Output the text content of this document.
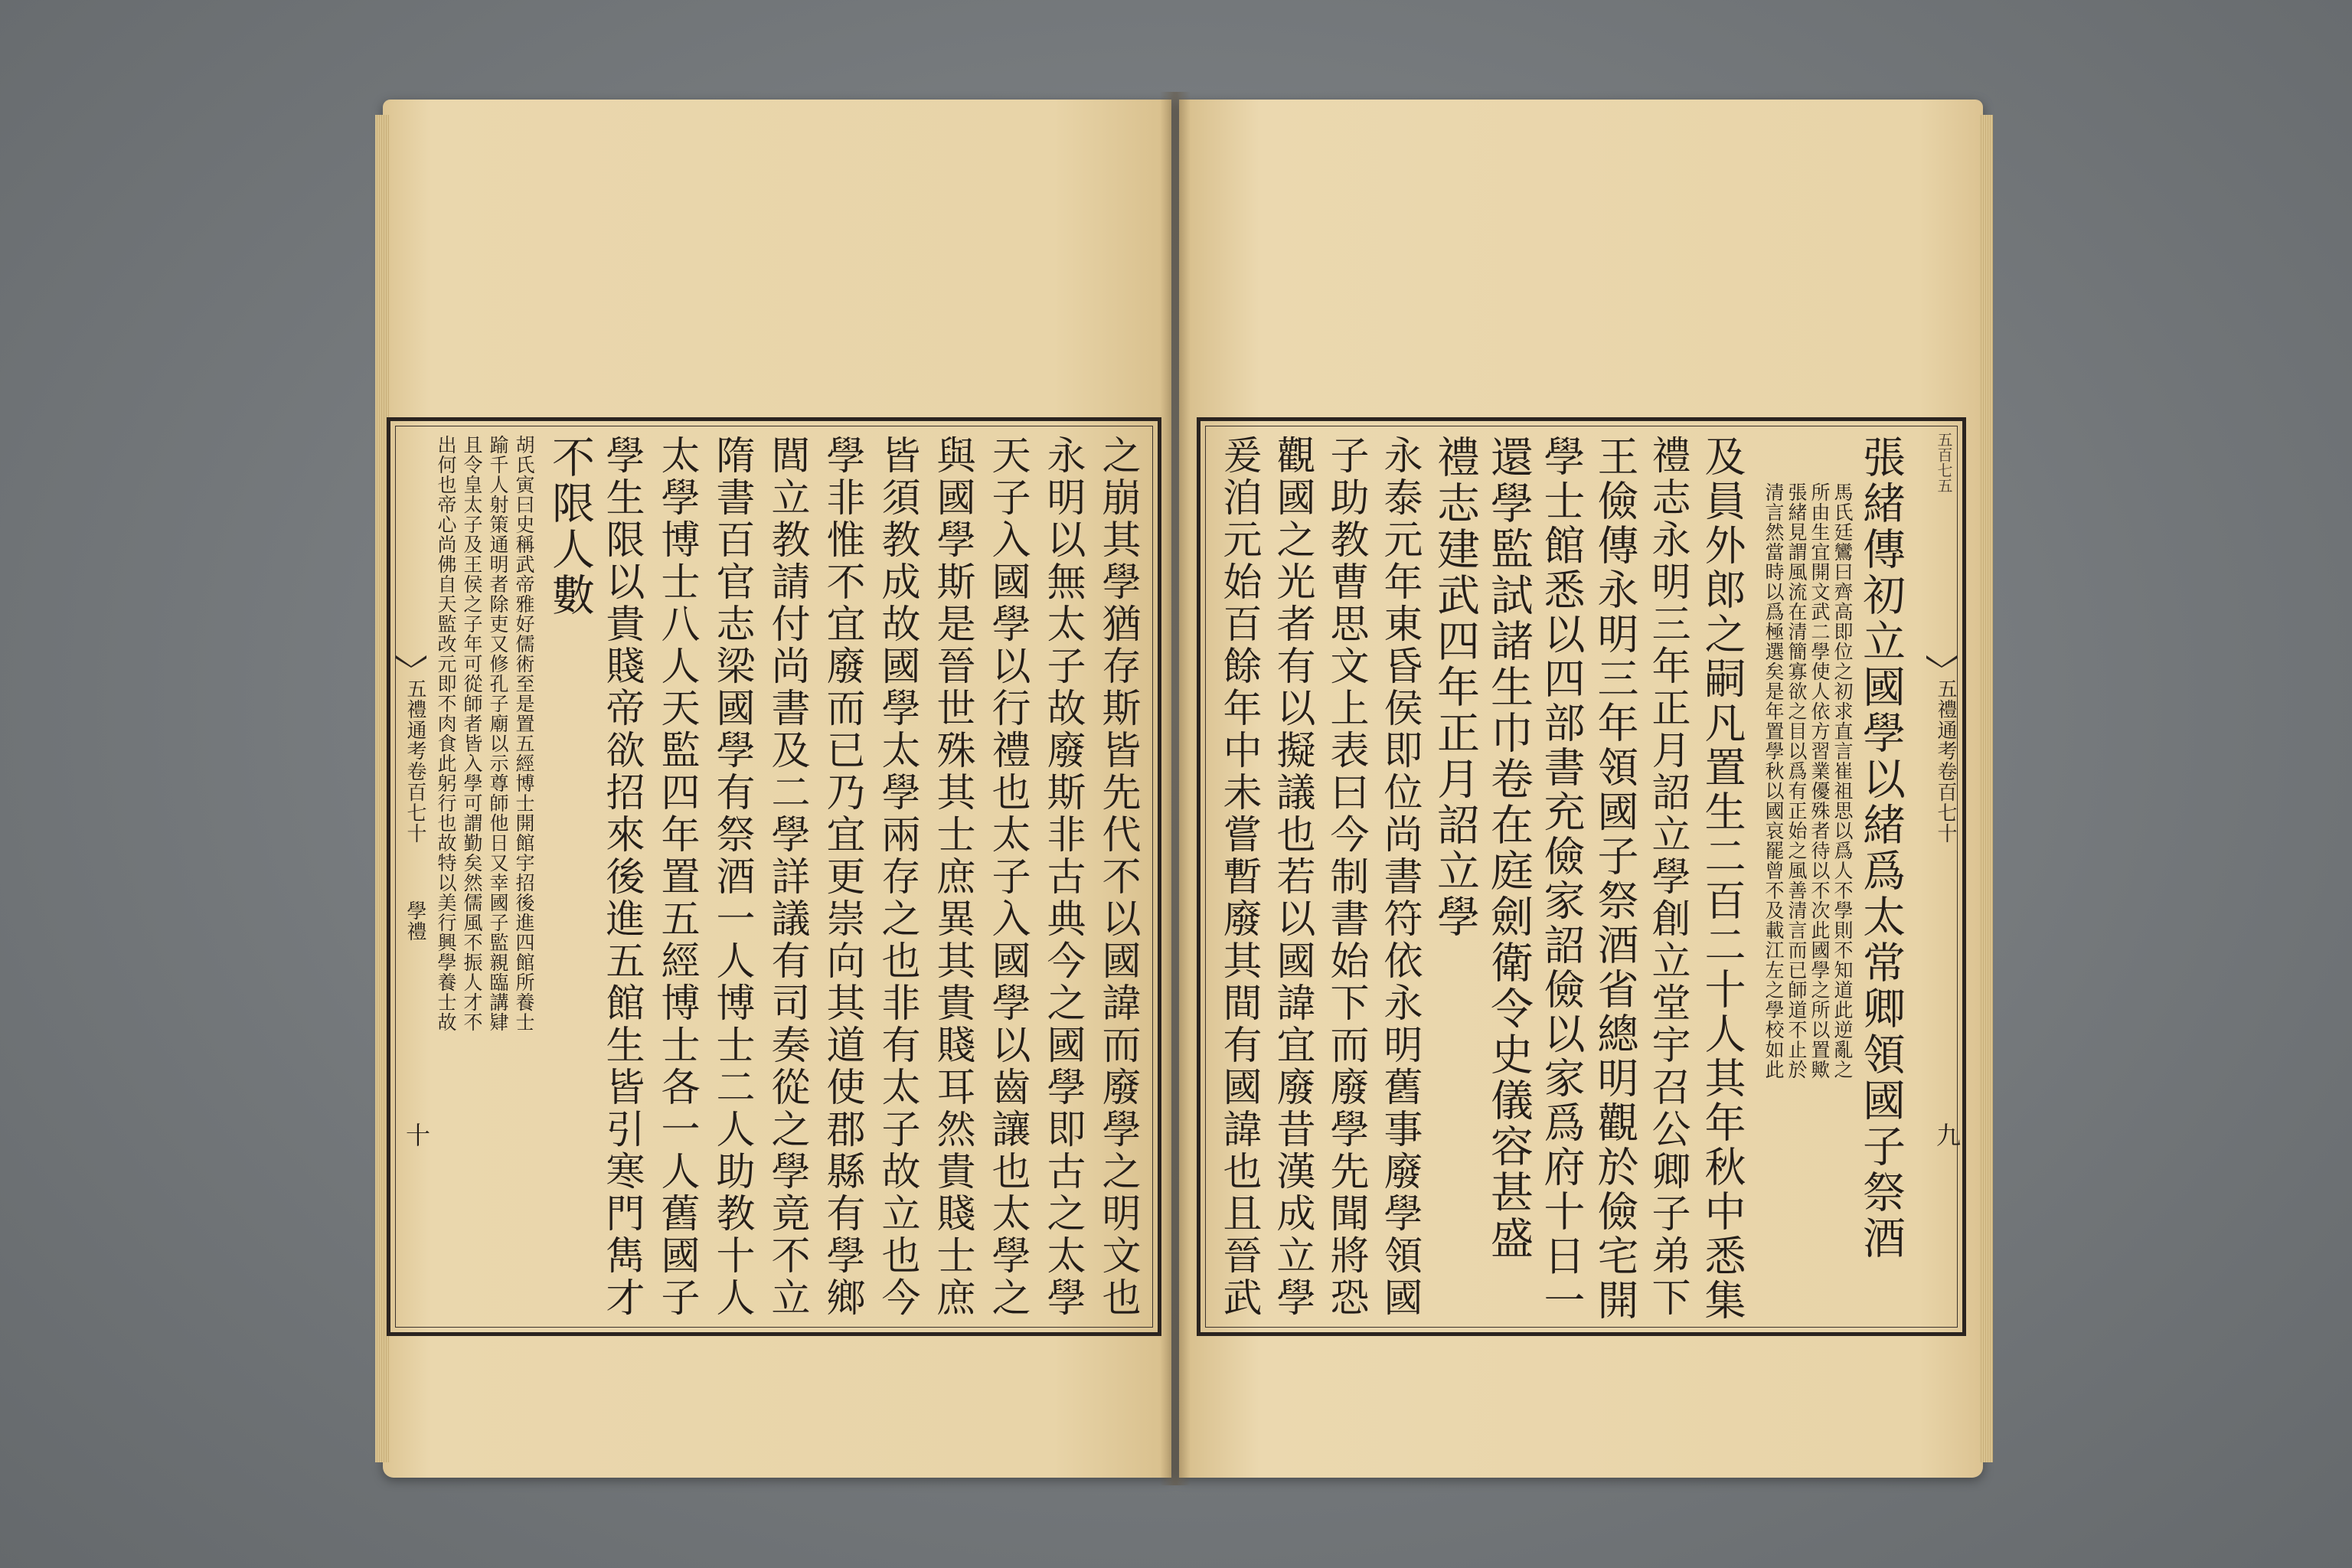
之崩其學猶存斯皆先代不以國諱而廢學之明文也
永明以無太子故廢斯非古典今之國學即古之太學
天子入國學以行禮也太子入國學以齒讓也太學之
與國學斯是晉世殊其士庶異其貴賤耳然貴賤士庶
皆須教成故國學太學兩存之也非有太子故立也今
學非惟不宜廢而已乃宜更崇向其道使郡縣有學鄉
閭立教請付尚書及二學詳議有司奏從之學竟不立
隋書百官志梁國學有祭酒一人博士二人助教十人
太學博士八人天監四年置五經博士各一人舊國子
學生限以貴賤帝欲招來後進五館生皆引寒門雋才
不限人數
胡氏寅曰史稱武帝雅好儒術至是置五經博士開館宇招後進四館所養士
踰千人射策通明者除吏又修孔子廟以示尊師他日又幸國子監親臨講肄
且令皇太子及王侯之子年可從師者皆入學可謂勤矣然儒風不振人才不
出何也帝心尚佛自天監改元即不肉食此躬行也故特以美行興學養士故
五禮通考卷百七十
學禮
十
五百七五
五禮通考卷百七十
九
張緒傳初立國學以緒爲太常卿領國子祭酒
馬氏廷鸞曰齊高即位之初求直言崔祖思以爲人不學則不知道此逆亂之
所由生宜開文武二學使人依方習業優殊者待以不次此國學之所以置歟
張緒見謂風流在清簡寡欲之目以爲有正始之風善清言而已師道不止於
清言然當時以爲極選矣是年置學秋以國哀罷曾不及載江左之學校如此
及員外郎之嗣凡置生二百二十人其年秋中悉集
禮志永明三年正月詔立學創立堂宇召公卿子弟下
王儉傳永明三年領國子祭酒省總明觀於儉宅開
學士館悉以四部書充儉家詔儉以家爲府十日一
還學監試諸生巾卷在庭劍衛令史儀容甚盛
禮志建武四年正月詔立學
永泰元年東昏侯即位尚書符依永明舊事廢學領國
子助教曹思文上表曰今制書始下而廢學先聞將恐
觀國之光者有以擬議也若以國諱宜廢昔漢成立學
爰洎元始百餘年中未嘗暫廢其間有國諱也且晉武
